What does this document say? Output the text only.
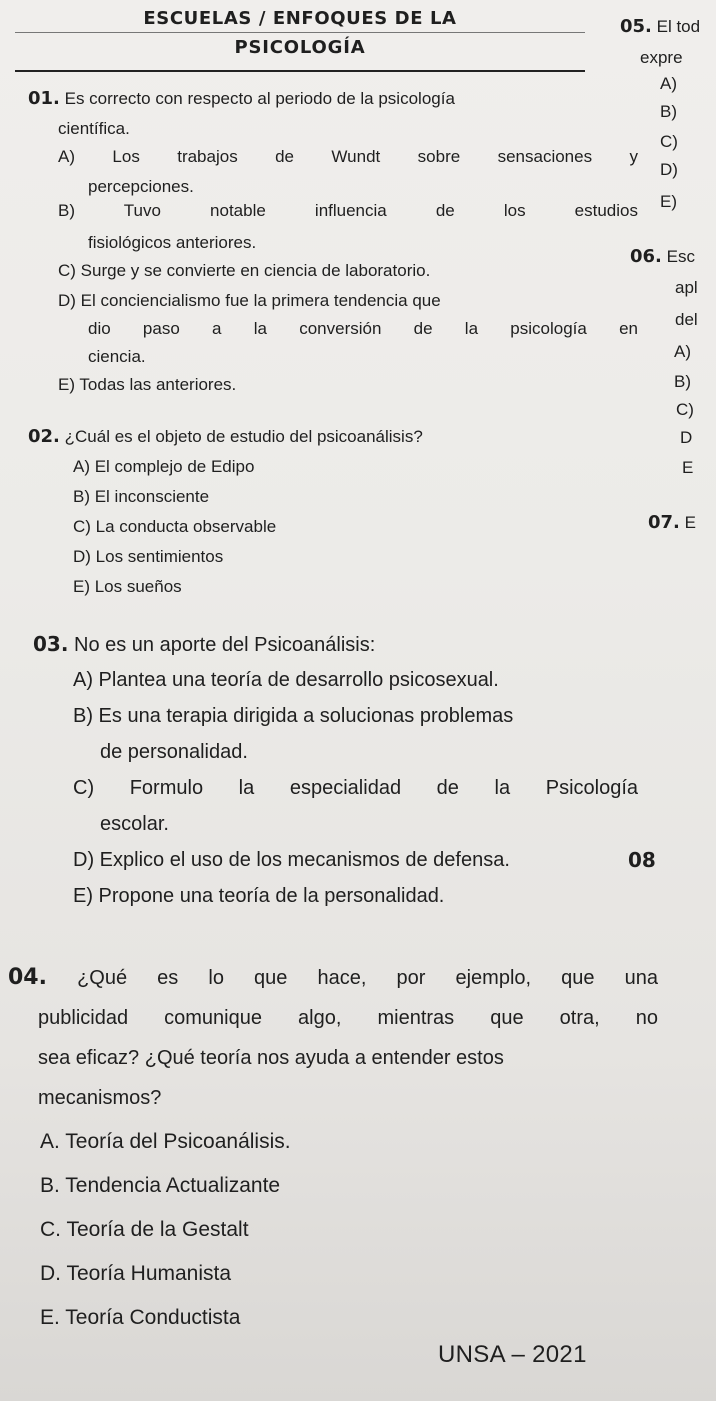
ESCUELAS / ENFOQUES DE LA
PSICOLOGÍA
01. Es correcto con respecto al periodo de la psicología
científica.
A) Los trabajos de Wundt sobre sensaciones y
percepciones.
B) Tuvo notable influencia de los estudios
fisiológicos anteriores.
C) Surge y se convierte en ciencia de laboratorio.
D) El conciencialismo fue la primera tendencia que
dio paso a la conversión de la psicología en
ciencia.
E) Todas las anteriores.
02. ¿Cuál es el objeto de estudio del psicoanálisis?
A) El complejo de Edipo
B) El inconsciente
C) La conducta observable
D) Los sentimientos
E) Los sueños
03. No es un aporte del Psicoanálisis:
A) Plantea una teoría de desarrollo psicosexual.
B) Es una terapia dirigida a solucionas problemas
de personalidad.
C) Formulo la especialidad de la Psicología
escolar.
D) Explico el uso de los mecanismos de defensa.
E) Propone una teoría de la personalidad.
04. ¿Qué es lo que hace, por ejemplo, que una
publicidad comunique algo, mientras que otra, no
sea eficaz? ¿Qué teoría nos ayuda a entender estos
mecanismos?
A. Teoría del Psicoanálisis.
B. Tendencia Actualizante
C. Teoría de la Gestalt
D. Teoría Humanista
E. Teoría Conductista
05. El tod
expre
A)
B)
C)
D)
E)
06. Esc
apl
del
A)
B)
C)
D
E
07. E
08
UNSA – 2021
